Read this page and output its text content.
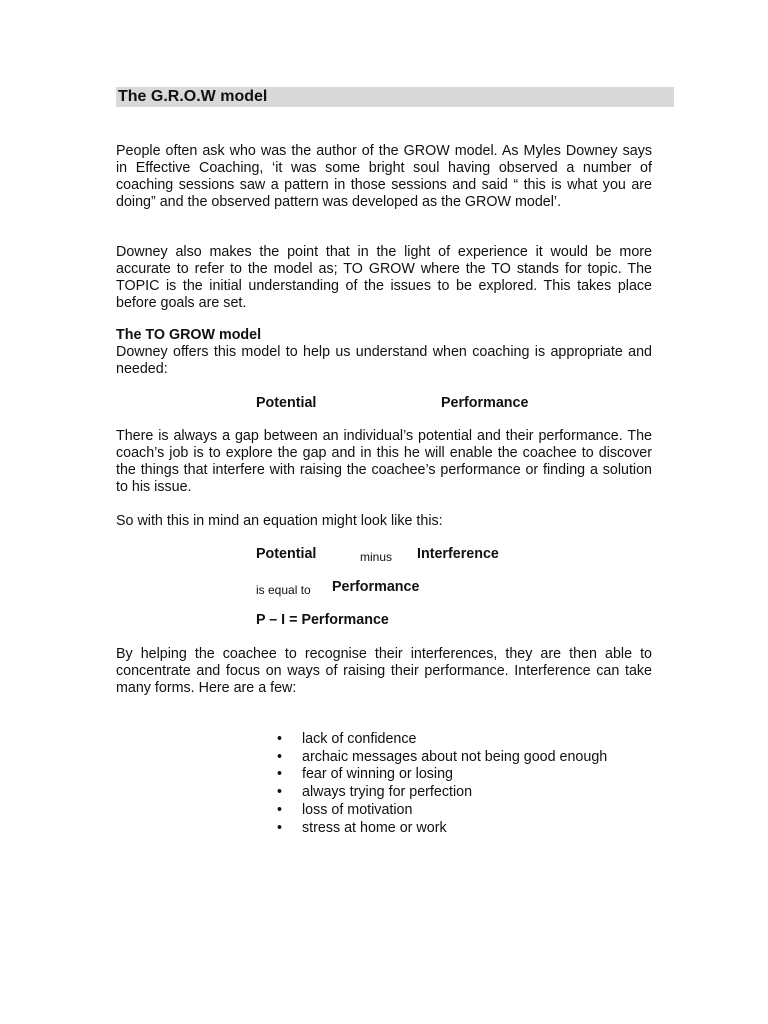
The G.R.O.W model

People often ask who was the author of the GROW model. As Myles Downey says in Effective Coaching, ‘it was some bright soul having observed a number of coaching sessions saw a pattern in those sessions and said “ this is what you are doing” and the observed pattern was developed as the GROW model’.

Downey also makes the point that in the light of experience it would be more accurate to refer to the model as; TO GROW where the TO stands for topic. The TOPIC is the initial understanding of the issues to be explored. This takes place before goals are set.

The TO GROW model

Downey offers this model to help us understand when coaching is appropriate and needed:

Potential	Performance

There is always a gap between an individual’s potential and their performance. The coach’s job is to explore the gap and in this he will enable the coachee to discover the things that interfere with raising the coachee’s performance or finding a solution to his issue.

So with this in mind an equation might look like this:

Potential	minus Interference
is equal to Performance
P – I = Performance

By helping the coachee to recognise their interferences, they are then able to concentrate and focus on ways of raising their performance. Interference can take many forms. Here are a few:

• lack of confidence
• archaic messages about not being good enough
• fear of winning or losing
• always trying for perfection
• loss of motivation
• stress at home or work
